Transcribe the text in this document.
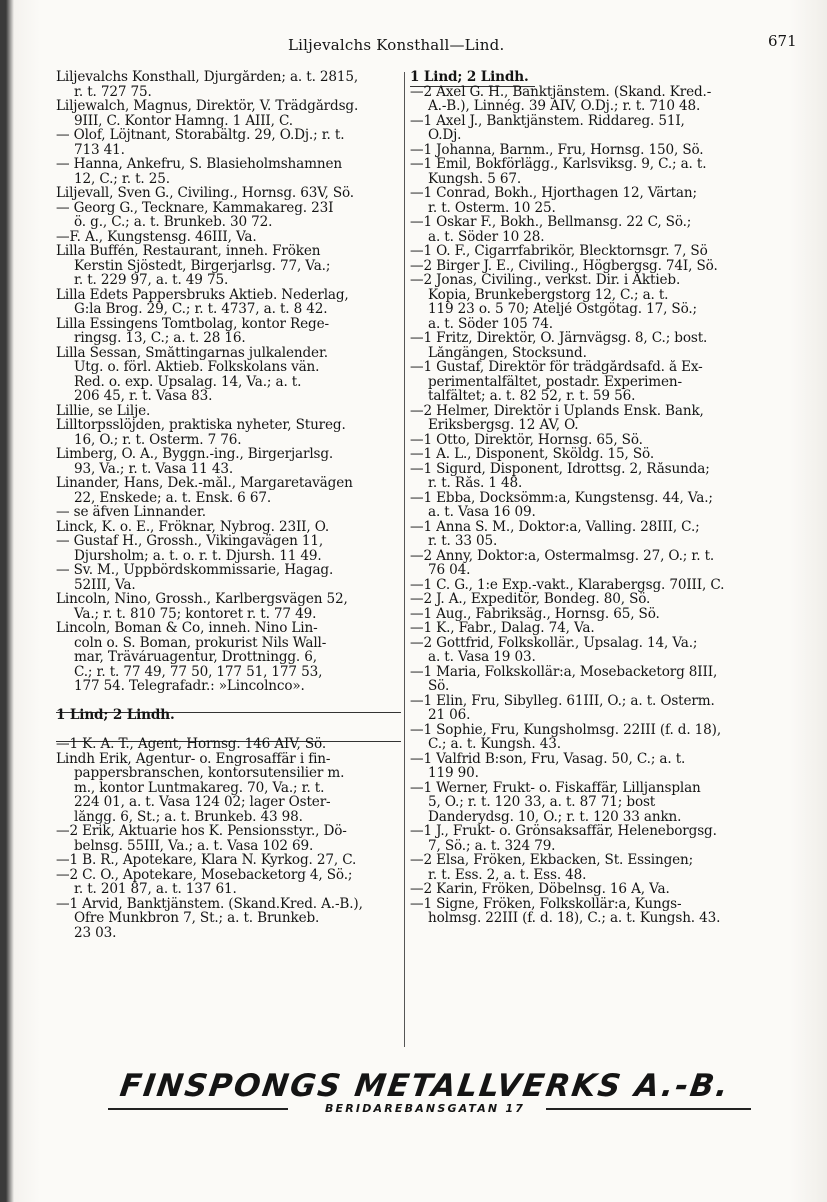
Liljevalchs Konsthall—Lind.	671
Liljevalchs Konsthall, Djurgården; a. t. 2815,
r. t. 727 75.
Liljewalch, Magnus, Direktör, V. Trädgårdsg.
9III, C. Kontor Hamng. 1 AIII, C.
— Olof, Löjtnant, Storabältg. 29, Ö.Dj.; r. t.
713 41.
— Hanna, Änkefru, S. Blasieholmshamnen
12, C.; r. t. 25.
Liljevall, Sven G., Civiling., Hornsg. 63V, Sö.
— Georg G., Tecknare, Kammakareg. 23I
ö. g., C.; a. t. Brunkeb. 30 72.
—F. A., Kungstensg. 46III, Va.
Lilla Buffén, Restaurant, inneh. Fröken
Kerstin Sjöstedt, Birgerjarlsg. 77, Va.;
r. t. 229 97, a. t. 49 75.
Lilla Edets Pappersbruks Aktieb. Nederlag,
G:la Brog. 29, C.; r. t. 4737, a. t. 8 42.
Lilla Essingens Tomtbolag, kontor Rege-
ringsg. 13, C.; a. t. 28 16.
Lilla Sessan, Småttingarnas julkalender.
Utg. o. förl. Aktieb. Folkskolans vän.
Red. o. exp. Upsalag. 14, Va.; a. t.
206 45, r. t. Vasa 83.
Lillie, se Lilje.
Lilltorpsslöjden, praktiska nyheter, Stureg.
16, Ö.; r. t. Österm. 7 76.
Limberg, O. A., Byggn.-ing., Birgerjarlsg.
93, Va.; r. t. Vasa 11 43.
Linander, Hans, Dek.-mål., Margaretavägen
22, Enskede; a. t. Ensk. 6 67.
— se äfven Linnander.
Linck, K. o. E., Fröknar, Nybrog. 23II, Ö.
— Gustaf H., Grossh., Vikingavägen 11,
Djursholm; a. t. o. r. t. Djursh. 11 49.
— Sv. M., Uppbördskommissarie, Hagag.
52III, Va.
Lincoln, Nino, Grossh., Karlbergsvägen 52,
Va.; r. t. 810 75; kontoret r. t. 77 49.
Lincoln, Boman & Co, inneh. Nino Lin-
coln o. S. Boman, prokurist Nils Wall-
mar, Träváruagentur, Drottningg. 6,
C.; r. t. 77 49, 77 50, 177 51, 177 53,
177 54. Telegrafadr.: »Lincolnco».
1 Lind; 2 Lindh.
—1 K. A. T., Agent, Hornsg. 146 AIV, Sö.
Lindh Erik, Agentur- o. Engrosaffär i fin-
pappersbranschen, kontorsutensilier m.
m., kontor Luntmakareg. 70, Va.; r. t.
224 01, a. t. Vasa 124 02; lager Öster-
långg. 6, St.; a. t. Brunkeb. 43 98.
—2 Erik, Aktuarie hos K. Pensionsstyr., Dö-
belnsg. 55III, Va.; a. t. Vasa 102 69.
—1 B. R., Apotekare, Klara N. Kyrkog. 27, C.
—2 C. O., Apotekare, Mosebacketorg 4, Sö.;
r. t. 201 87, a. t. 137 61.
—1 Arvid, Banktjänstem. (Skand.Kred. A.-B.),
Öfre Munkbron 7, St.; a. t. Brunkeb.
23 03.
1 Lind; 2 Lindh.
—2 Axel G. H., Banktjänstem. (Skand. Kred.-
A.-B.), Linnég. 39 AIV, Ö.Dj.; r. t. 710 48.
—1 Axel J., Banktjänstem. Riddareg. 51I,
Ö.Dj.
—1 Johanna, Barnm., Fru, Hornsg. 150, Sö.
—1 Emil, Bokförlägg., Karlsviksg. 9, C.; a. t.
Kungsh. 5 67.
—1 Conrad, Bokh., Hjorthagen 12, Värtan;
r. t. Österm. 10 25.
—1 Oskar F., Bokh., Bellmansg. 22 C, Sö.;
a. t. Söder 10 28.
—1 O. F., Cigarrfabrikör, Blecktornsgr. 7, Sö
—2 Birger J. E., Civiling., Högbergsg. 74I, Sö.
—2 Jonas, Civiling., verkst. Dir. i Aktieb.
Kopia, Brunkebergstorg 12, C.; a. t.
119 23 o. 5 70; Ateljé Östgötag. 17, Sö.;
a. t. Söder 105 74.
—1 Fritz, Direktör, Ö. Järnvägsg. 8, C.; bost.
Långängen, Stocksund.
—1 Gustaf, Direktör för trädgårdsafd. å Ex-
perimentalfältet, postadr. Experimen-
talfältet; a. t. 82 52, r. t. 59 56.
—2 Helmer, Direktör i Uplands Ensk. Bank,
Eriksbergsg. 12 AV, Ö.
—1 Otto, Direktör, Hornsg. 65, Sö.
—1 A. L., Disponent, Sköldg. 15, Sö.
—1 Sigurd, Disponent, Idrottsg. 2, Råsunda;
r. t. Rås. 1 48.
—1 Ebba, Docksömm:a, Kungstensg. 44, Va.;
a. t. Vasa 16 09.
—1 Anna S. M., Doktor:a, Valling. 28III, C.;
r. t. 33 05.
—2 Anny, Doktor:a, Östermalmsg. 27, Ö.; r. t.
76 04.
—1 C. G., 1:e Exp.-vakt., Klarabergsg. 70III, C.
—2 J. A., Expeditör, Bondeg. 80, Sö.
—1 Aug., Fabriksäg., Hornsg. 65, Sö.
—1 K., Fabr., Dalag. 74, Va.
—2 Gottfrid, Folkskollär., Upsalag. 14, Va.;
a. t. Vasa 19 03.
—1 Maria, Folkskollär:a, Mosebacketorg 8III,
Sö.
—1 Elin, Fru, Sibylleg. 61III, Ö.; a. t. Österm.
21 06.
—1 Sophie, Fru, Kungsholmsg. 22III (f. d. 18),
C.; a. t. Kungsh. 43.
—1 Valfrid B:son, Fru, Vasag. 50, C.; a. t.
119 90.
—1 Werner, Frukt- o. Fiskaffär, Lilljansplan
5, Ö.; r. t. 120 33, a. t. 87 71; bost
Danderydsg. 10, Ö.; r. t. 120 33 ankn.
—1 J., Frukt- o. Grönsaksaffär, Heleneborgsg.
7, Sö.; a. t. 324 79.
—2 Elsa, Fröken, Ekbacken, St. Essingen;
r. t. Ess. 2, a. t. Ess. 48.
—2 Karin, Fröken, Döbelnsg. 16 A, Va.
—1 Signe, Fröken, Folkskollär:a, Kungs-
holmsg. 22III (f. d. 18), C.; a. t. Kungsh. 43.
FINSPONGS METALLVERKS A.-B.
BERIDAREBANSGATAN 17
